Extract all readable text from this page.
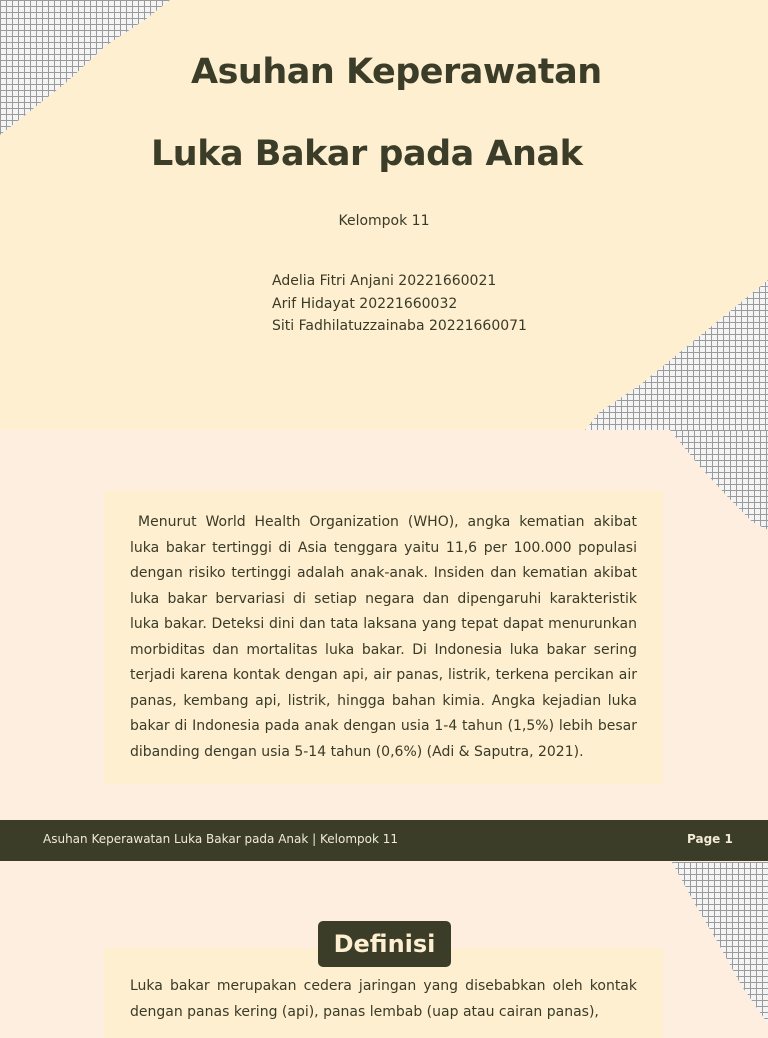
Asuhan Keperawatan
Luka Bakar pada Anak
Kelompok 11
Adelia Fitri Anjani 20221660021
Arif Hidayat 20221660032
Siti Fadhilatuzzainaba 20221660071
Menurut World Health Organization (WHO), angka kematian akibat luka bakar tertinggi di Asia tenggara yaitu 11,6 per 100.000 populasi dengan risiko tertinggi adalah anak-anak. Insiden dan kematian akibat luka bakar bervariasi di setiap negara dan dipengaruhi karakteristik luka bakar. Deteksi dini dan tata laksana yang tepat dapat menurunkan morbiditas dan mortalitas luka bakar. Di Indonesia luka bakar sering terjadi karena kontak dengan api, air panas, listrik, terkena percikan air panas, kembang api, listrik, hingga bahan kimia. Angka kejadian luka bakar di Indonesia pada anak dengan usia 1-4 tahun (1,5%) lebih besar dibanding dengan usia 5-14 tahun (0,6%) (Adi & Saputra, 2021).
Asuhan Keperawatan Luka Bakar pada Anak | Kelompok 11	Page 1
Luka bakar merupakan cedera jaringan yang disebabkan oleh kontak dengan panas kering (api), panas lembab (uap atau cairan panas),
Definisi
